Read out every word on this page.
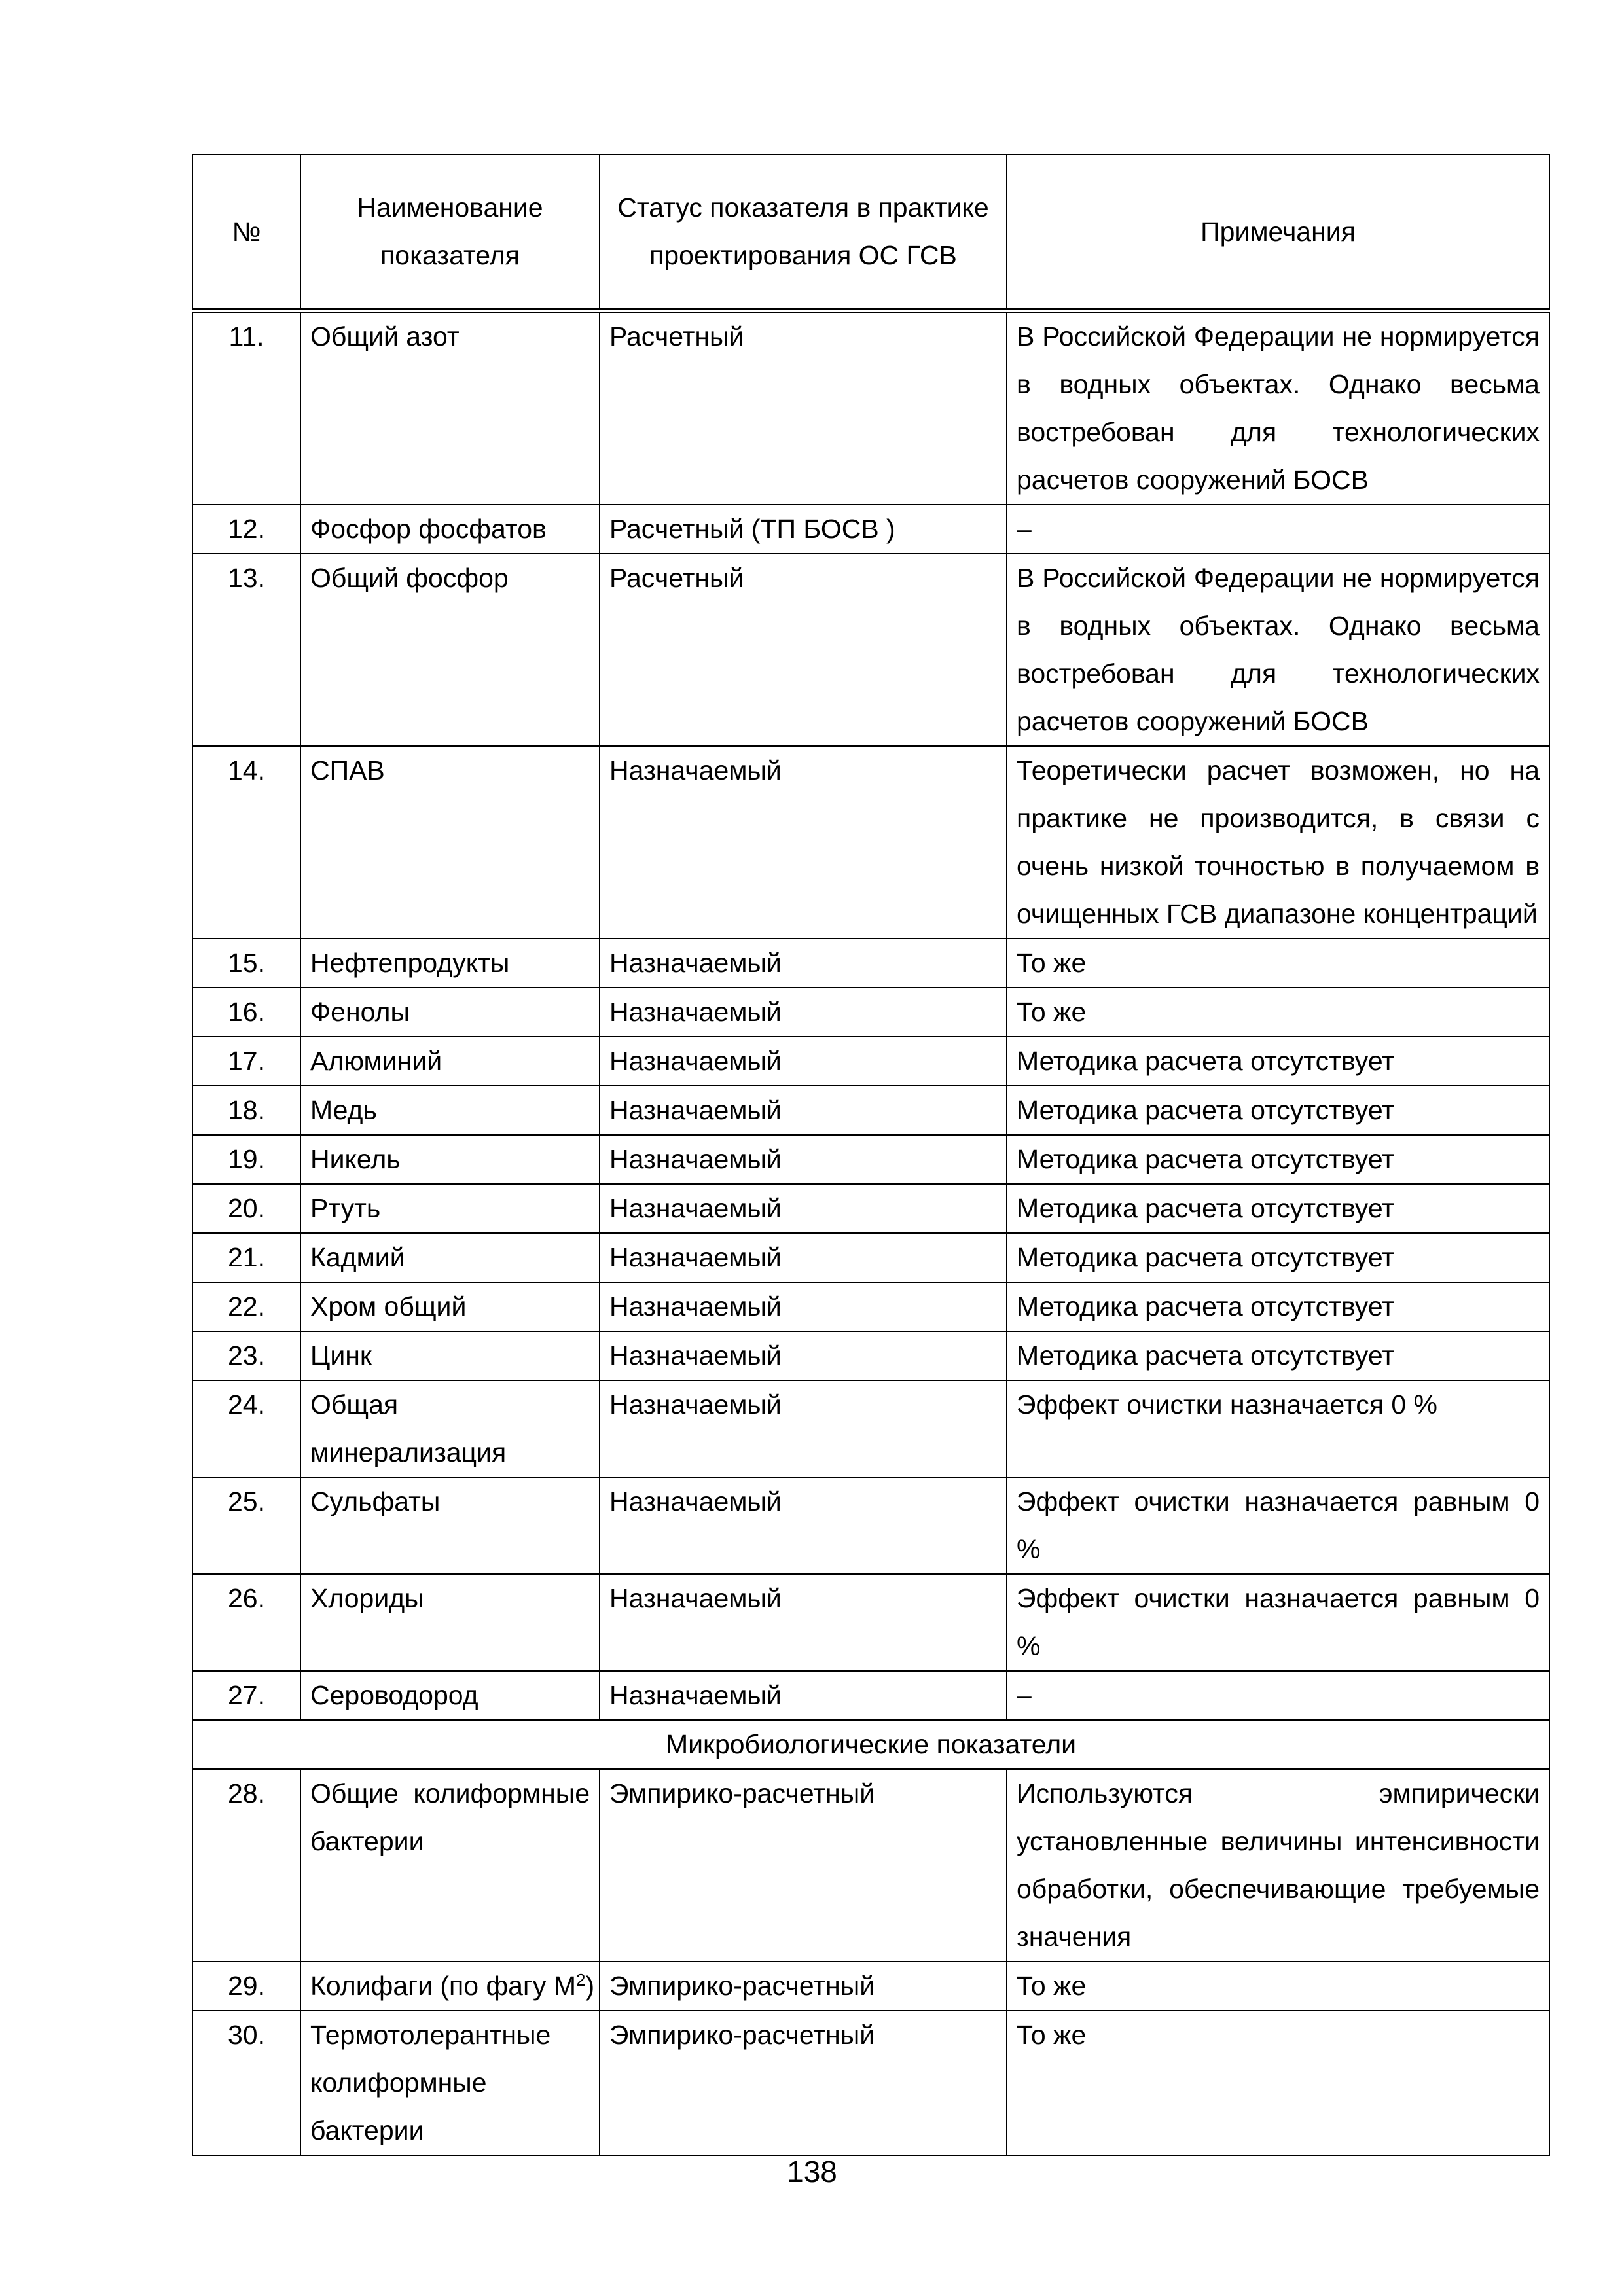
№	Наименование показателя	Статус показателя в практике проектирования ОС ГСВ	Примечания
11.	Общий азот	Расчетный	В Российской Федерации не нормируется в водных объектах. Однако весьма востребован для технологических расчетов сооружений БОСВ
12.	Фосфор фосфатов	Расчетный (ТП БОСВ )	–
13.	Общий фосфор	Расчетный	В Российской Федерации не нормируется в водных объектах. Однако весьма востребован для технологических расчетов сооружений БОСВ
14.	СПАВ	Назначаемый	Теоретически расчет возможен, но на практике не производится, в связи с очень низкой точностью в получаемом в очищенных ГСВ диапазоне концентраций
15.	Нефтепродукты	Назначаемый	То же
16.	Фенолы	Назначаемый	То же
17.	Алюминий	Назначаемый	Методика расчета отсутствует
18.	Медь	Назначаемый	Методика расчета отсутствует
19.	Никель	Назначаемый	Методика расчета отсутствует
20.	Ртуть	Назначаемый	Методика расчета отсутствует
21.	Кадмий	Назначаемый	Методика расчета отсутствует
22.	Хром общий	Назначаемый	Методика расчета отсутствует
23.	Цинк	Назначаемый	Методика расчета отсутствует
24.	Общая минерализация	Назначаемый	Эффект очистки назначается 0 %
25.	Сульфаты	Назначаемый	Эффект очистки назначается равным 0 %
26.	Хлориды	Назначаемый	Эффект очистки назначается равным 0 %
27.	Сероводород	Назначаемый	–
Микробиологические показатели			
28.	Общие колиформные бактерии	Эмпирико-расчетный	Используются эмпирически установленные величины интенсивности обработки, обеспечивающие требуемые значения
29.	Колифаги (по фагу $М^2$)	Эмпирико-расчетный	То же
30.	Термотолерантные колиформные бактерии	Эмпирико-расчетный	То же
138
